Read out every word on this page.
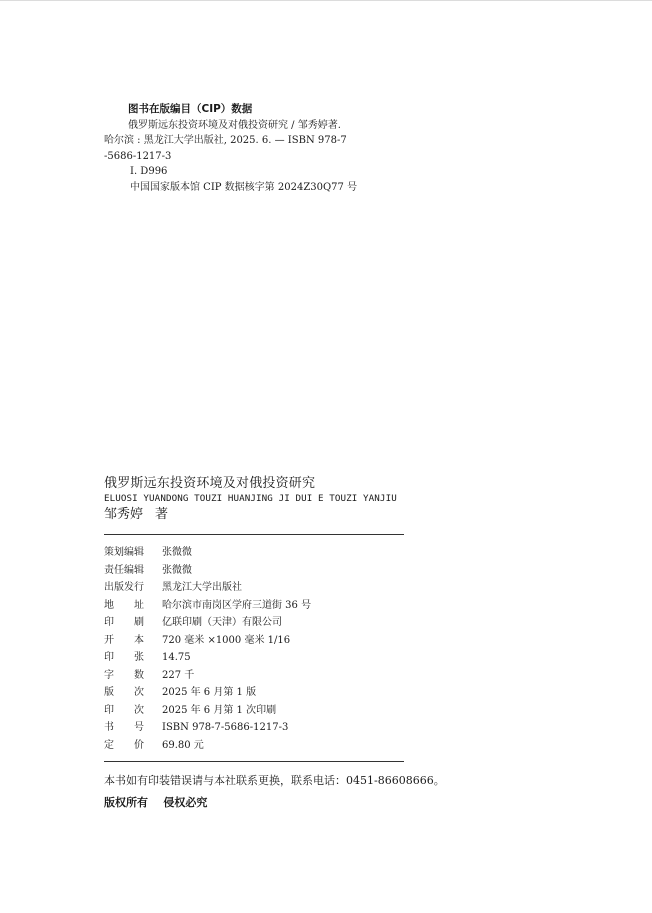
图书在版编目（CIP）数据
俄罗斯远东投资环境及对俄投资研究 / 邹秀婷著.
哈尔滨 : 黑龙江大学出版社, 2025. 6. — ISBN 978-7
-5686-1217-3
Ⅰ. D996
中国国家版本馆 CIP 数据核字第 2024Z30Q77 号
俄罗斯远东投资环境及对俄投资研究
ELUOSI YUANDONG TOUZI HUANJING JI DUI E TOUZI YANJIU
邹秀婷 著
策划编辑 张微微
责任编辑 张微微
出版发行 黑龙江大学出版社
地 址 哈尔滨市南岗区学府三道街 36 号
印 刷 亿联印刷（天津）有限公司
开 本 720 毫米 ×1000 毫米 1/16
印 张 14.75
字 数 227 千
版 次 2025 年 6 月第 1 版
印 次 2025 年 6 月第 1 次印刷
书 号 ISBN 978-7-5686-1217-3
定 价 69.80 元
本书如有印装错误请与本社联系更换，联系电话：0451-86608666。
版权所有    侵权必究
